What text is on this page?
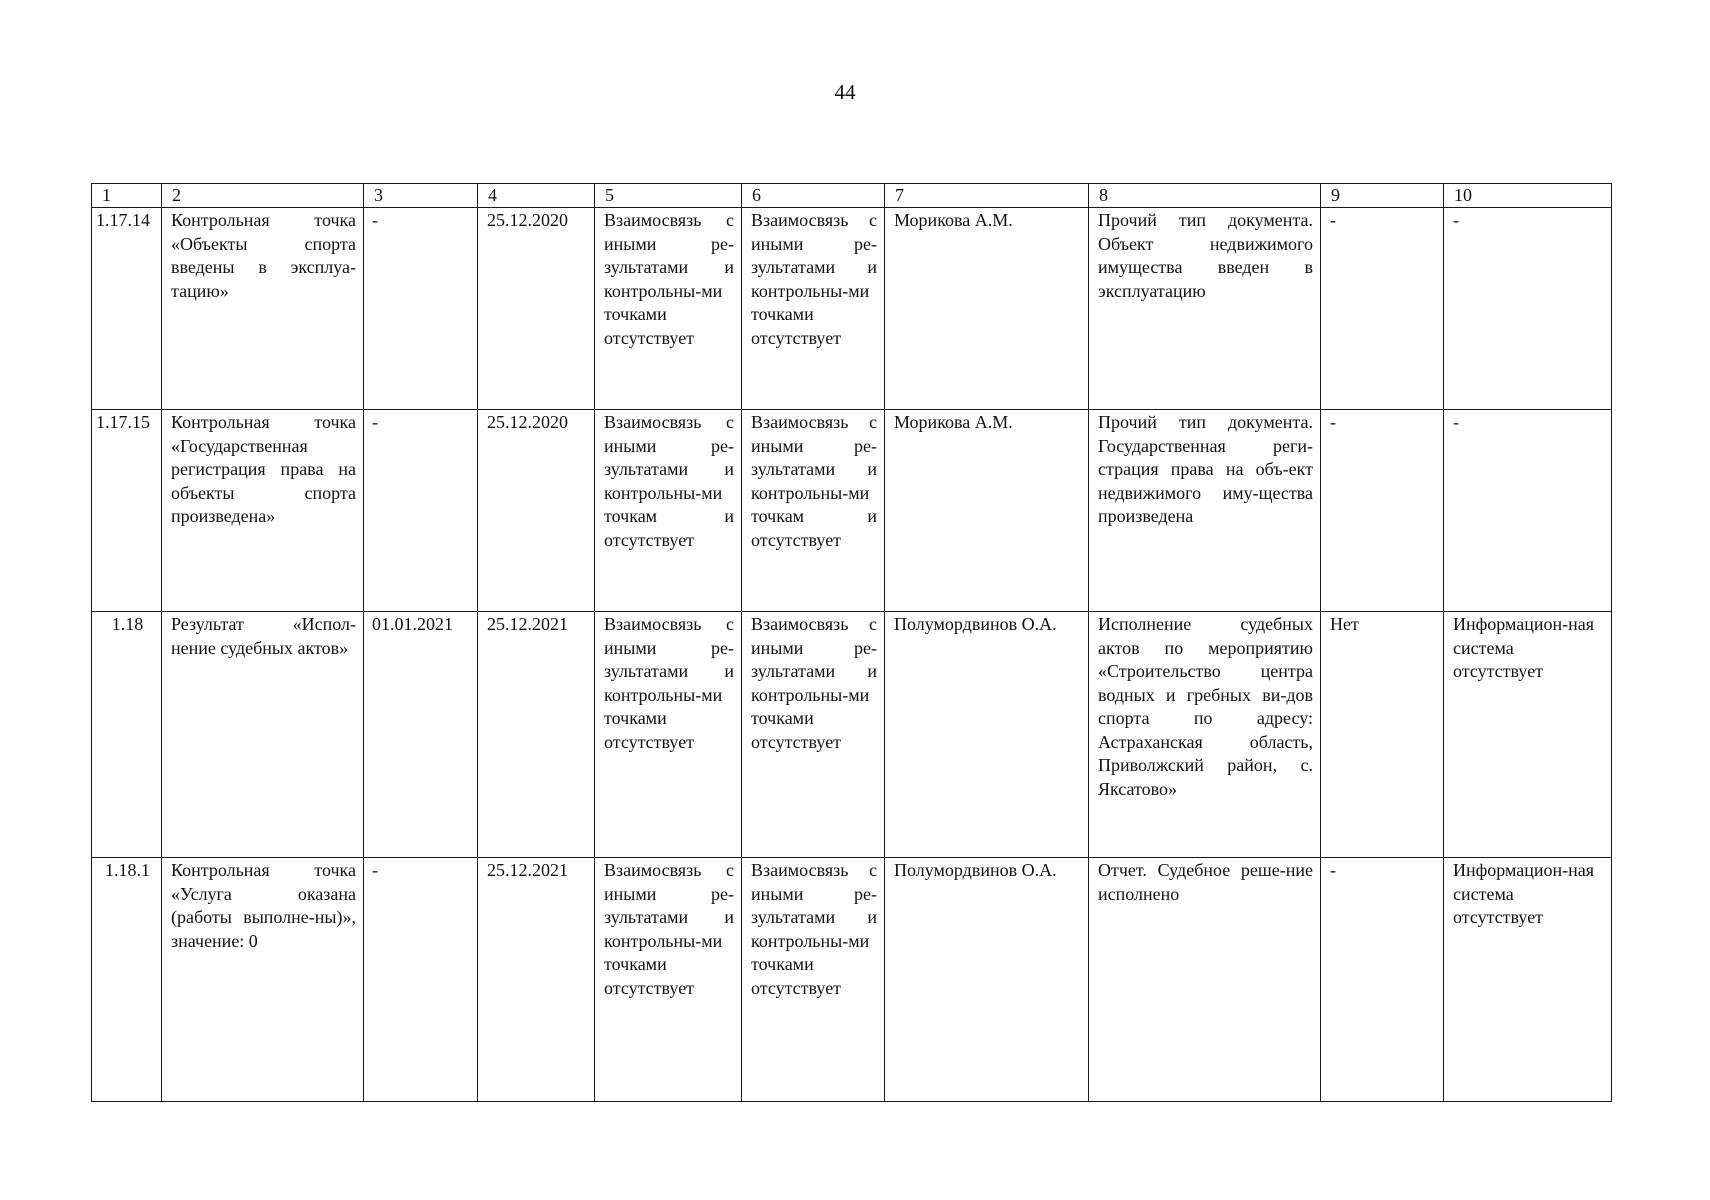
44
1	2	3	4	5	6	7	8	9	10
1.17.14	Контрольная точка «Объекты спорта введены в эксплуа-тацию»	-	25.12.2020	Взаимосвязь с иными ре-зультатами и контрольны-ми точками отсутствует	Взаимосвязь с иными ре-зультатами и контрольны-ми точками отсутствует	Морикова А.М.	Прочий тип документа. Объект недвижимого имущества введен в эксплуатацию	-	-
1.17.15	Контрольная точка «Государственная регистрация права на объекты спорта произведена»	-	25.12.2020	Взаимосвязь с иными ре-зультатами и контрольны-ми точкам и отсутствует	Взаимосвязь с иными ре-зультатами и контрольны-ми точкам и отсутствует	Морикова А.М.	Прочий тип документа. Государственная реги-страция права на объ-ект недвижимого иму-щества произведена	-	-
1.18	Результат «Испол-нение судебных актов»	01.01.2021	25.12.2021	Взаимосвязь с иными ре-зультатами и контрольны-ми точками отсутствует	Взаимосвязь с иными ре-зультатами и контрольны-ми точками отсутствует	Полумордвинов О.А.	Исполнение судебных актов по мероприятию «Строительство центра водных и гребных ви-дов спорта по адресу: Астраханская область, Приволжский район, с. Яксатово»	Нет	Информацион-ная система отсутствует
1.18.1	Контрольная точка «Услуга оказана (работы выполне-ны)», значение: 0	-	25.12.2021	Взаимосвязь с иными ре-зультатами и контрольны-ми точками отсутствует	Взаимосвязь с иными ре-зультатами и контрольны-ми точками отсутствует	Полумордвинов О.А.	Отчет. Судебное реше-ние исполнено	-	Информацион-ная система отсутствует
